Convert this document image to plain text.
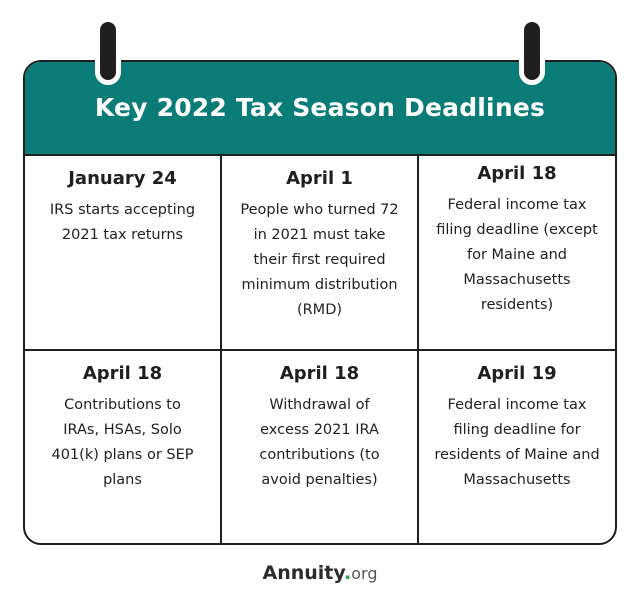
Key 2022 Tax Season Deadlines
January 24

IRS starts accepting 2021 tax returns

April 1

People who turned 72 in 2021 must take their first required minimum distribution (RMD)

April 18

Federal income tax filing deadline (except for Maine and Massachusetts residents)

April 18

Contributions to IRAs, HSAs, Solo 401(k) plans or SEP plans

April 18

Withdrawal of excess 2021 IRA contributions (to avoid penalties)

April 19

Federal income tax filing deadline for residents of Maine and Massachusetts

Annuity.org
